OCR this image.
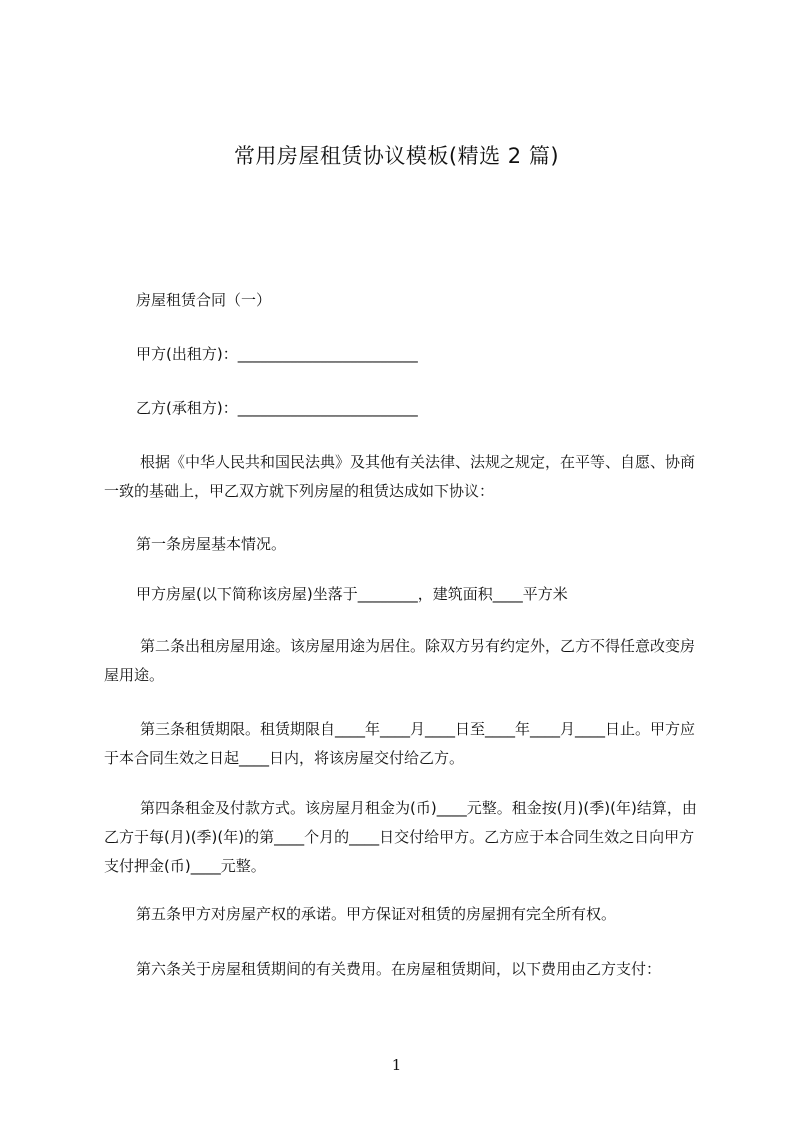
常用房屋租赁协议模板(精选 2 篇)
房屋租赁合同（一）
甲方(出租方)：________________________
乙方(承租方)：________________________
根据《中华人民共和国民法典》及其他有关法律、法规之规定，在平等、自愿、协商一致的基础上，甲乙双方就下列房屋的租赁达成如下协议：
第一条房屋基本情况。
甲方房屋(以下简称该房屋)坐落于________，建筑面积____平方米
第二条出租房屋用途。该房屋用途为居住。除双方另有约定外，乙方不得任意改变房屋用途。
第三条租赁期限。租赁期限自____年____月____日至____年____月____日止。甲方应于本合同生效之日起____日内，将该房屋交付给乙方。
第四条租金及付款方式。该房屋月租金为(币)____元整。租金按(月)(季)(年)结算，由乙方于每(月)(季)(年)的第____个月的____日交付给甲方。乙方应于本合同生效之日向甲方支付押金(币)____元整。
第五条甲方对房屋产权的承诺。甲方保证对租赁的房屋拥有完全所有权。
第六条关于房屋租赁期间的有关费用。在房屋租赁期间，以下费用由乙方支付：
1
